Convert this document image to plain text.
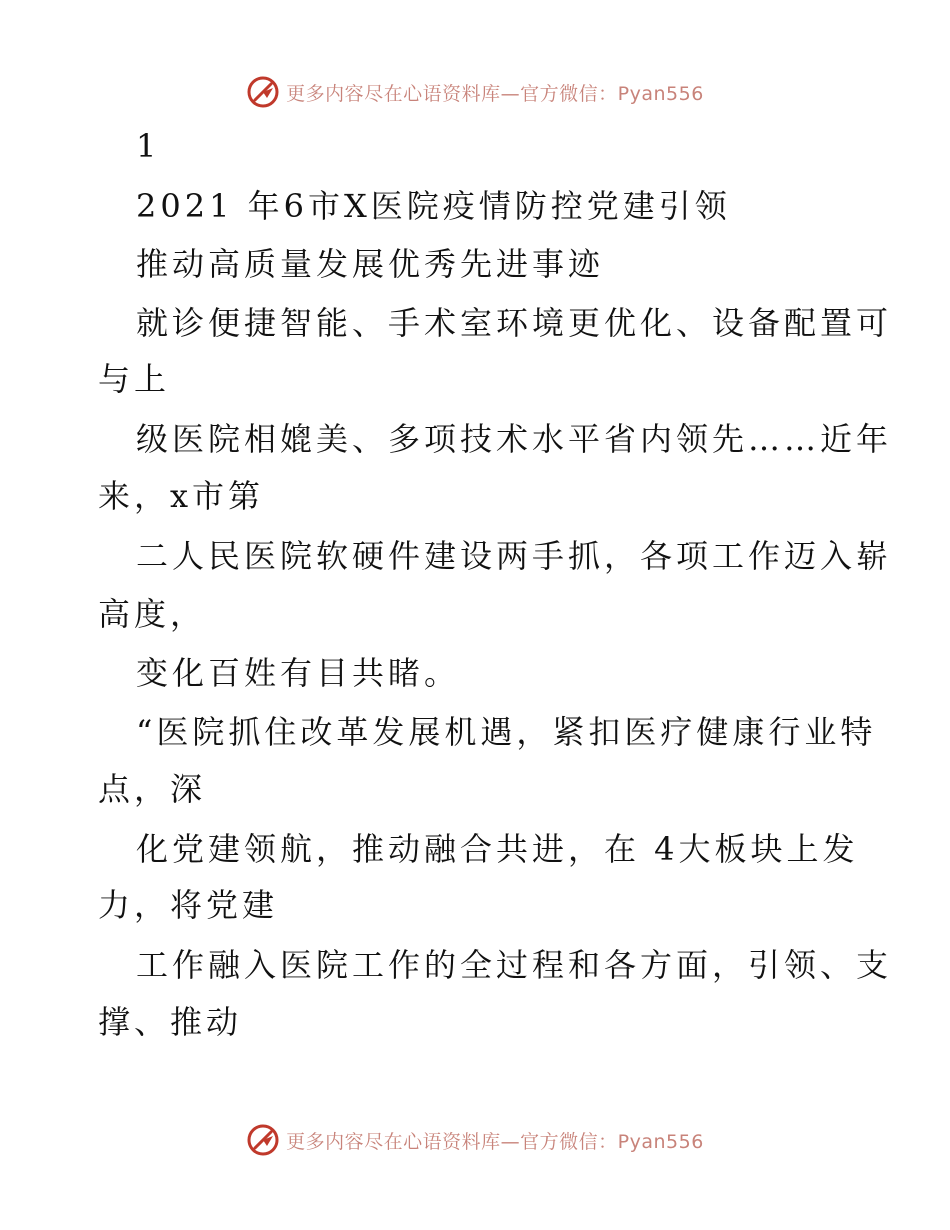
更多内容尽在心语资料库—官方微信：Pyan556
1
2021 年6市X医院疫情防控党建引领
推动高质量发展优秀先进事迹
就诊便捷智能、手术室环境更优化、设备配置可
与上
级医院相媲美、多项技术水平省内领先……近年
来，x市第
二人民医院软硬件建设两手抓，各项工作迈入崭
高度，
变化百姓有目共睹。
“医院抓住改革发展机遇，紧扣医疗健康行业特
点，深
化党建领航，推动融合共进，在 4大板块上发
力，将党建
工作融入医院工作的全过程和各方面，引领、支
撑、推动
更多内容尽在心语资料库—官方微信：Pyan556
